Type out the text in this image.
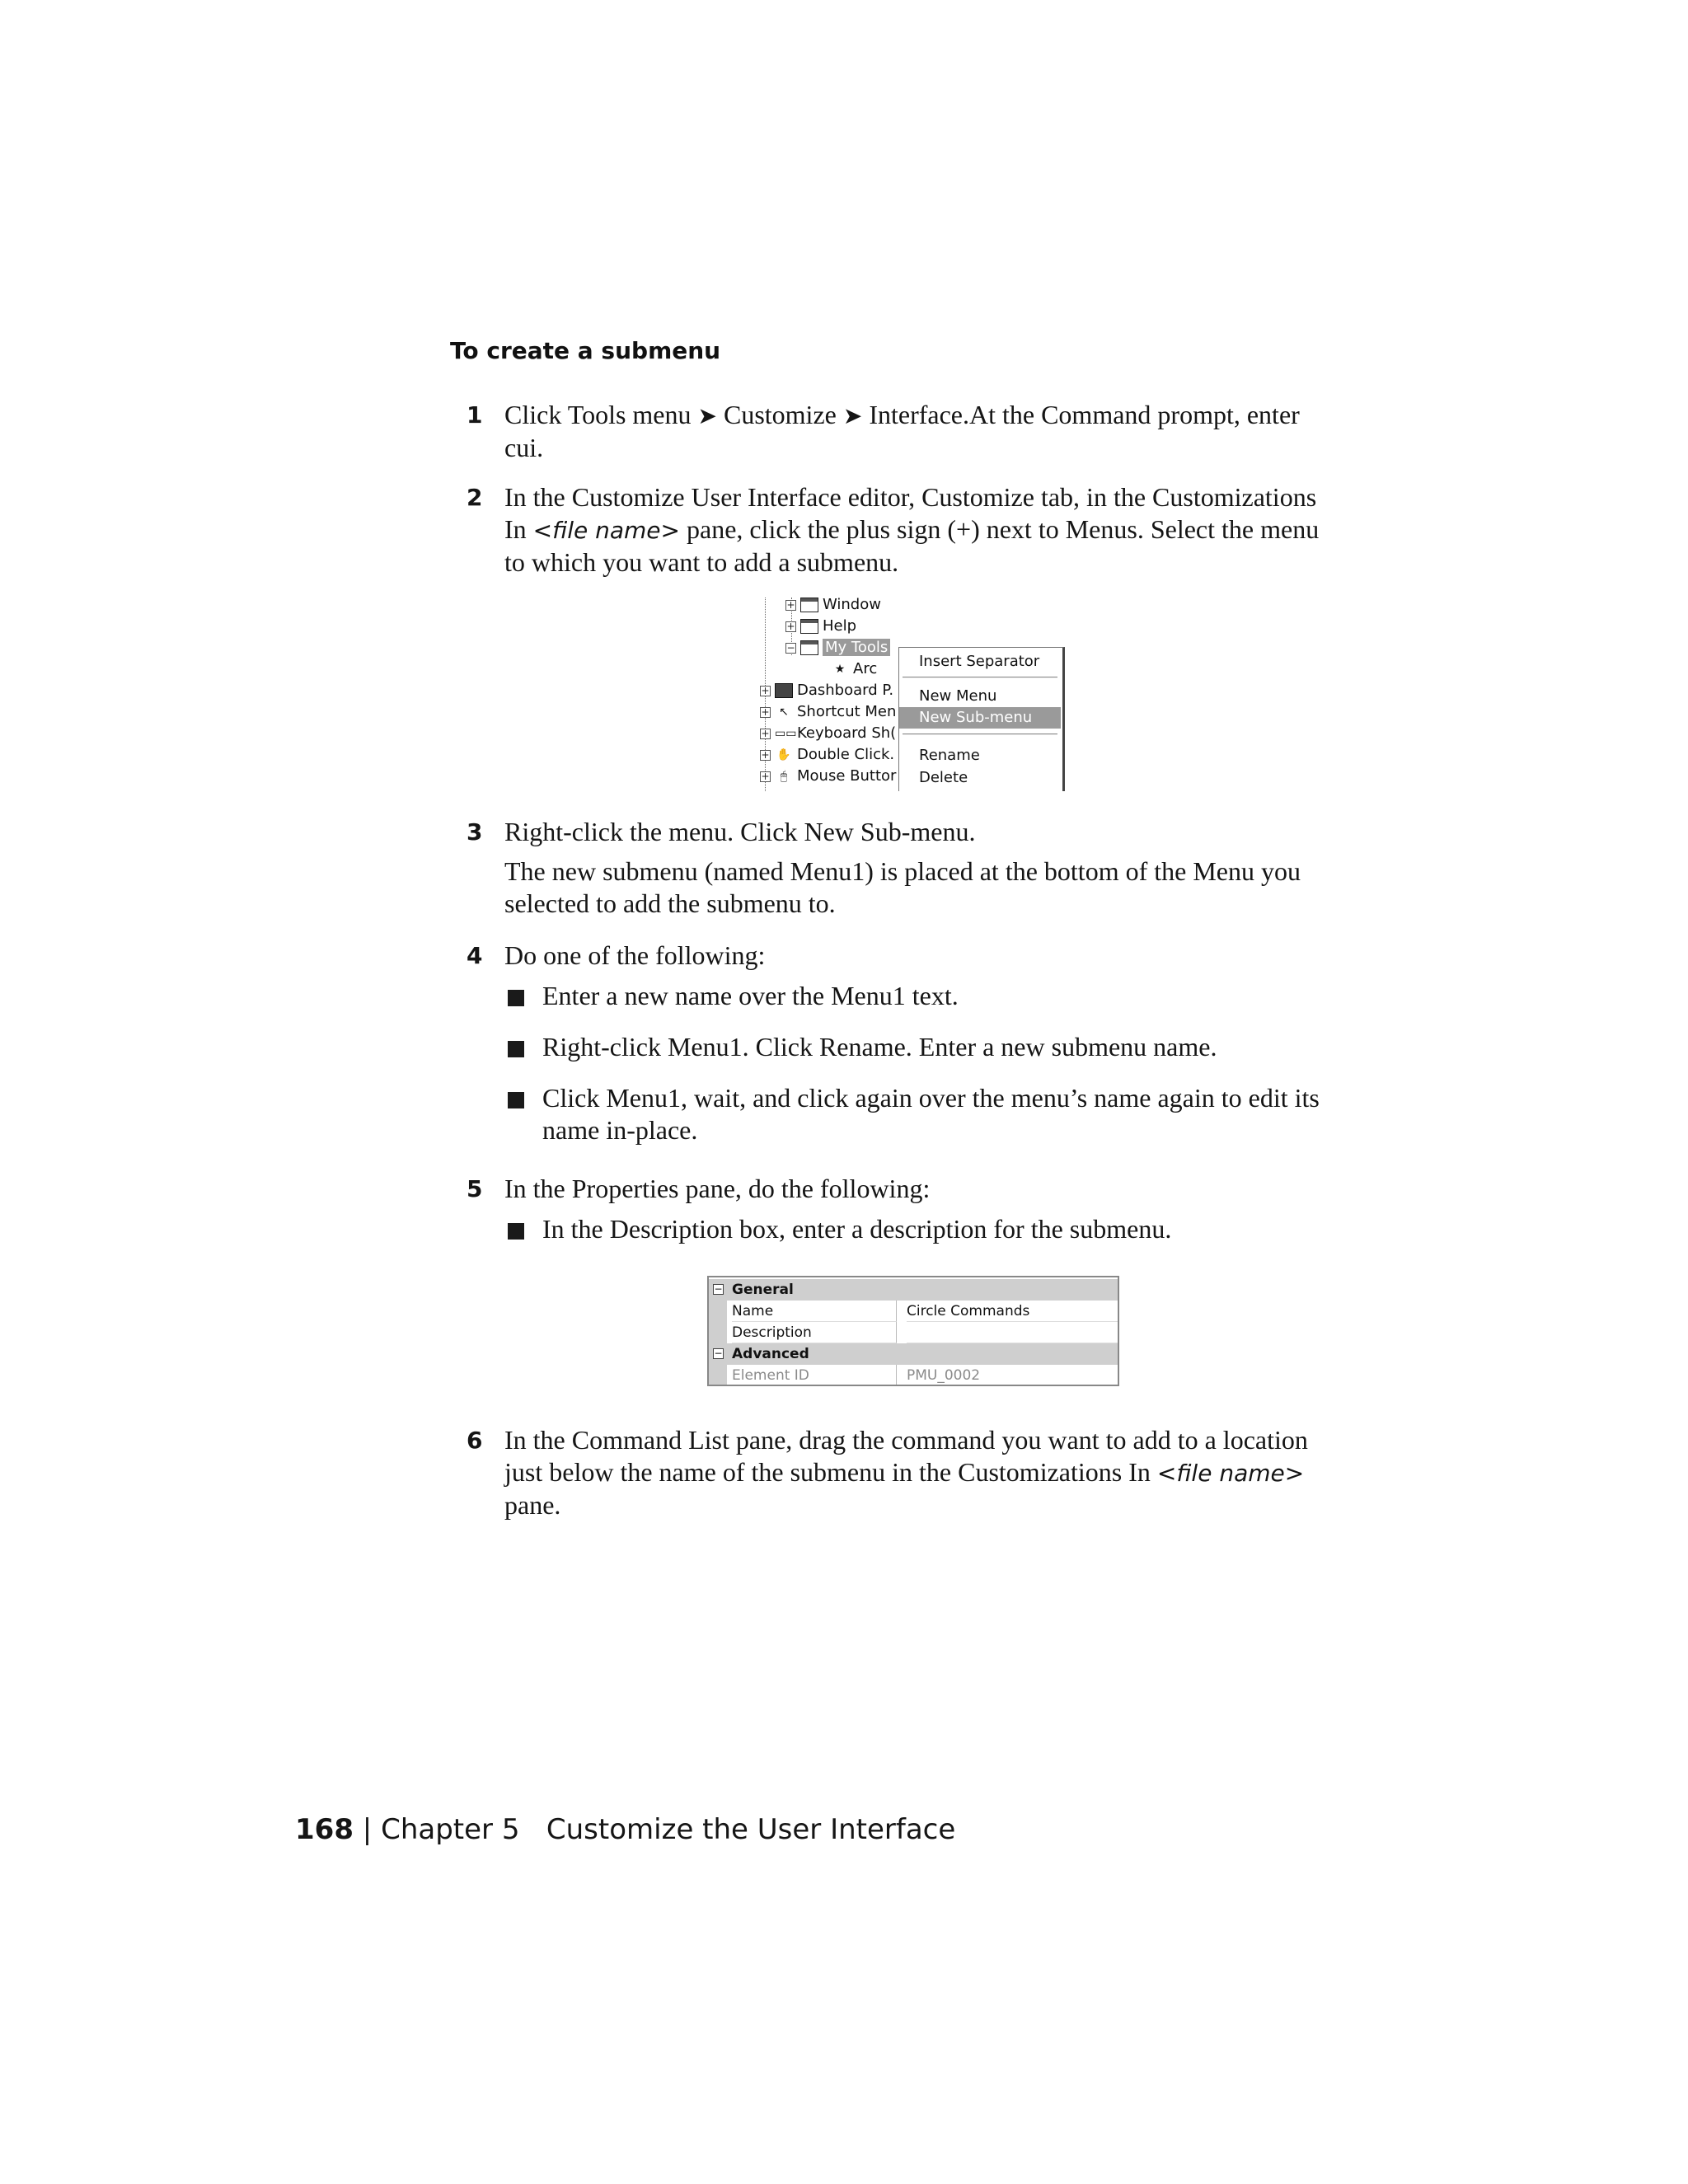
To create a submenu
1 Click Tools menu ➤ Customize ➤ Interface.At the Command prompt, enter cui.

2 In the Customize User Interface editor, Customize tab, in the Customizations In <file name> pane, click the plus sign (+) next to Menus. Select the menu to which you want to add a submenu.

+ Window
+ Help
− My Tools
★ Arc
+ Dashboard P.
+ ↖ Shortcut Men
+ ▭▭Keyboard Sh(
+ ✋ Double Click.
+ 🖱 Mouse Buttor
Insert Separator
New Menu
New Sub-menu
Rename
Delete
3 Right-click the menu. Click New Sub-menu.

The new submenu (named Menu1) is placed at the bottom of the Menu you selected to add the submenu to.

4 Do one of the following:

Enter a new name over the Menu1 text.
Right-click Menu1. Click Rename. Enter a new submenu name.
Click Menu1, wait, and click again over the menu’s name again to edit its name in-place.
5 In the Properties pane, do the following:

In the Description box, enter a description for the submenu.
− General
Name	Circle Commands
Description
− Advanced
Element ID	PMU_0002
6 In the Command List pane, drag the command you want to add to a location just below the name of the submenu in the Customizations In <file name> pane.

168 | Chapter 5 Customize the User Interface
